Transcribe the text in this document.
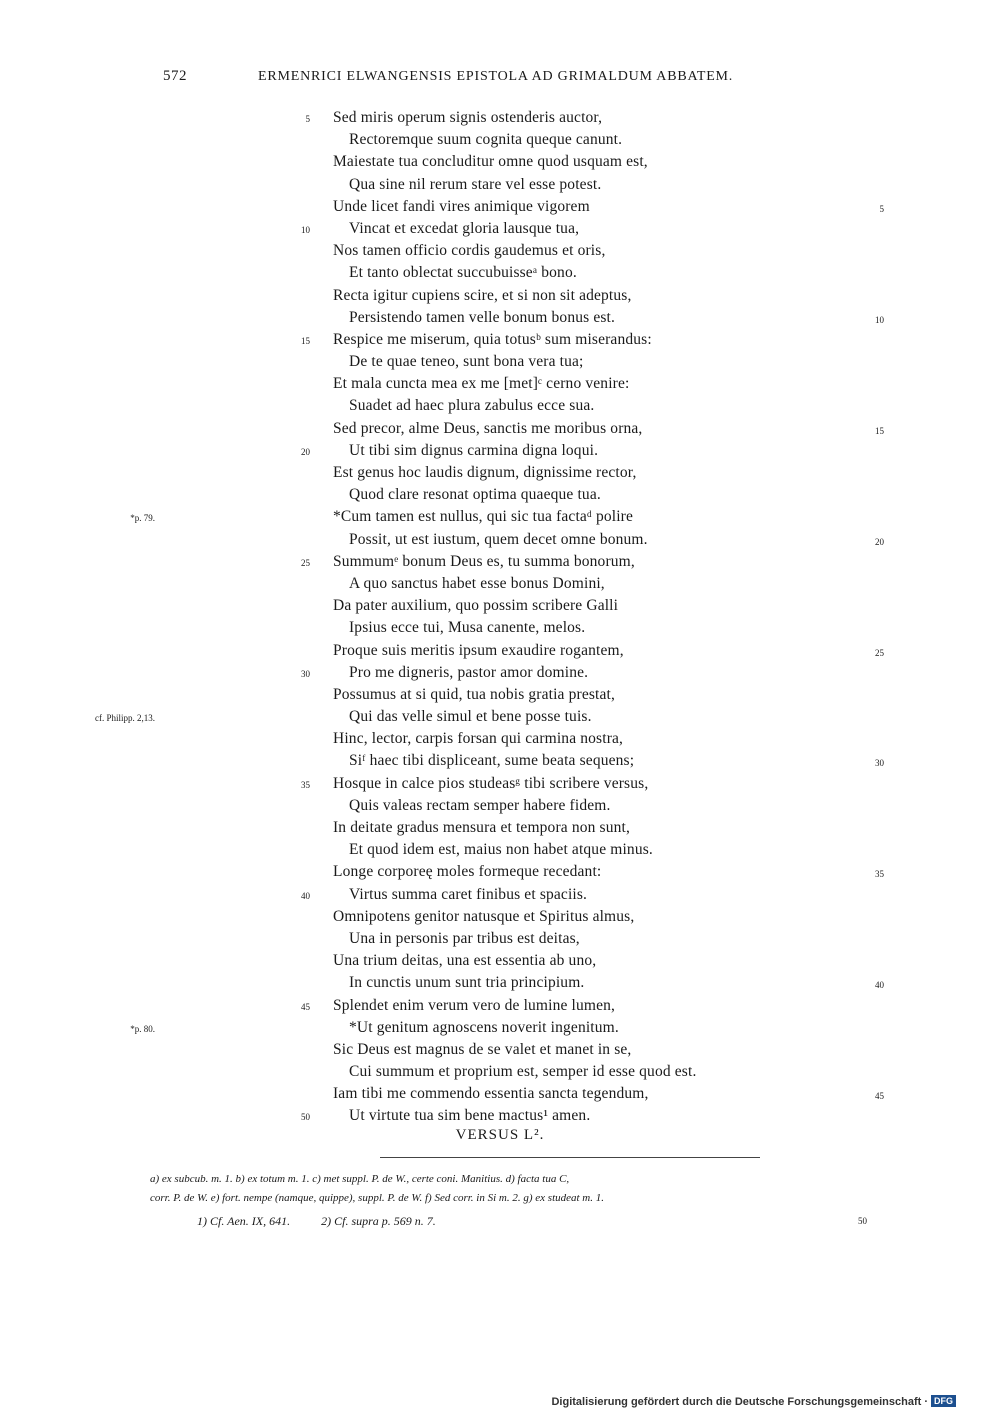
572	ERMENRICI ELWANGENSIS EPISTOLA AD GRIMALDUM ABBATEM.
5 Sed miris operum signis ostenderis auctor,
Rectoremque suum cognita queque canunt.
Maiestate tua concluditur omne quod usquam est,
Qua sine nil rerum stare vel esse potest.
Unde licet fandi vires animique vigorem	5
10	Vincat et excedat gloria lausque tua,
Nos tamen officio cordis gaudemus et oris,
Et tanto oblectat succubuisseᵃ bono.
Recta igitur cupiens scire, et si non sit adeptus,
Persistendo tamen velle bonum bonus est.	10
15 Respice me miserum, quia totusᵇ sum miserandus:
De te quae teneo, sunt bona vera tua;
Et mala cuncta mea ex me [met]ᶜ cerno venire:
Suadet ad haec plura zabulus ecce sua.
Sed precor, alme Deus, sanctis me moribus orna,	15
20	Ut tibi sim dignus carmina digna loqui.
Est genus hoc laudis dignum, dignissime rector,
Quod clare resonat optima quaeque tua.
*p. 79.	*Cum tamen est nullus, qui sic tua factaᵈ polire
Possit, ut est iustum, quem decet omne bonum.	20
25 Summumᵉ bonum Deus es, tu summa bonorum,
A quo sanctus habet esse bonus Domini,
Da pater auxilium, quo possim scribere Galli
Ipsius ecce tui, Musa canente, melos.
Proque suis meritis ipsum exaudire rogantem,	25
30	Pro me digneris, pastor amor domine.
Possumus at si quid, tua nobis gratia prestat,
cf. Philipp. 2,13.	Qui das velle simul et bene posse tuis.
Hinc, lector, carpis forsan qui carmina nostra,
Siᶠ haec tibi displiceant, sume beata sequens;	30
35 Hosque in calce pios studeasᵍ tibi scribere versus,
Quis valeas rectam semper habere fidem.
In deitate gradus mensura et tempora non sunt,
Et quod idem est, maius non habet atque minus.
Longe corporeę moles formeque recedant:	35
40	Virtus summa caret finibus et spaciis.
Omnipotens genitor natusque et Spiritus almus,
Una in personis par tribus est deitas,
Una trium deitas, una est essentia ab uno,
In cunctis unum sunt tria principium.	40
45 Splendet enim verum vero de lumine lumen,
*p. 80.	*Ut genitum agnoscens noverit ingenitum.
Sic Deus est magnus de se valet et manet in se,
Cui summum et proprium est, semper id esse quod est.
Iam tibi me commendo essentia sancta tegendum,	45
50	Ut virtute tua sim bene mactus¹ amen.
VERSUS L².
a) ex subcub. m. 1. b) ex totum m. 1. c) met suppl. P. de W., certe coni. Manitius. d) facta tua C,
corr. P. de W. e) fort. nempe (namque, quippe), suppl. P. de W. f) Sed corr. in Si m. 2. g) ex studeat m. 1.
1) Cf. Aen. IX, 641.	2) Cf. supra p. 569 n. 7.	50
Digitalisierung gefördert durch die Deutsche Forschungsgemeinschaft · DFG
